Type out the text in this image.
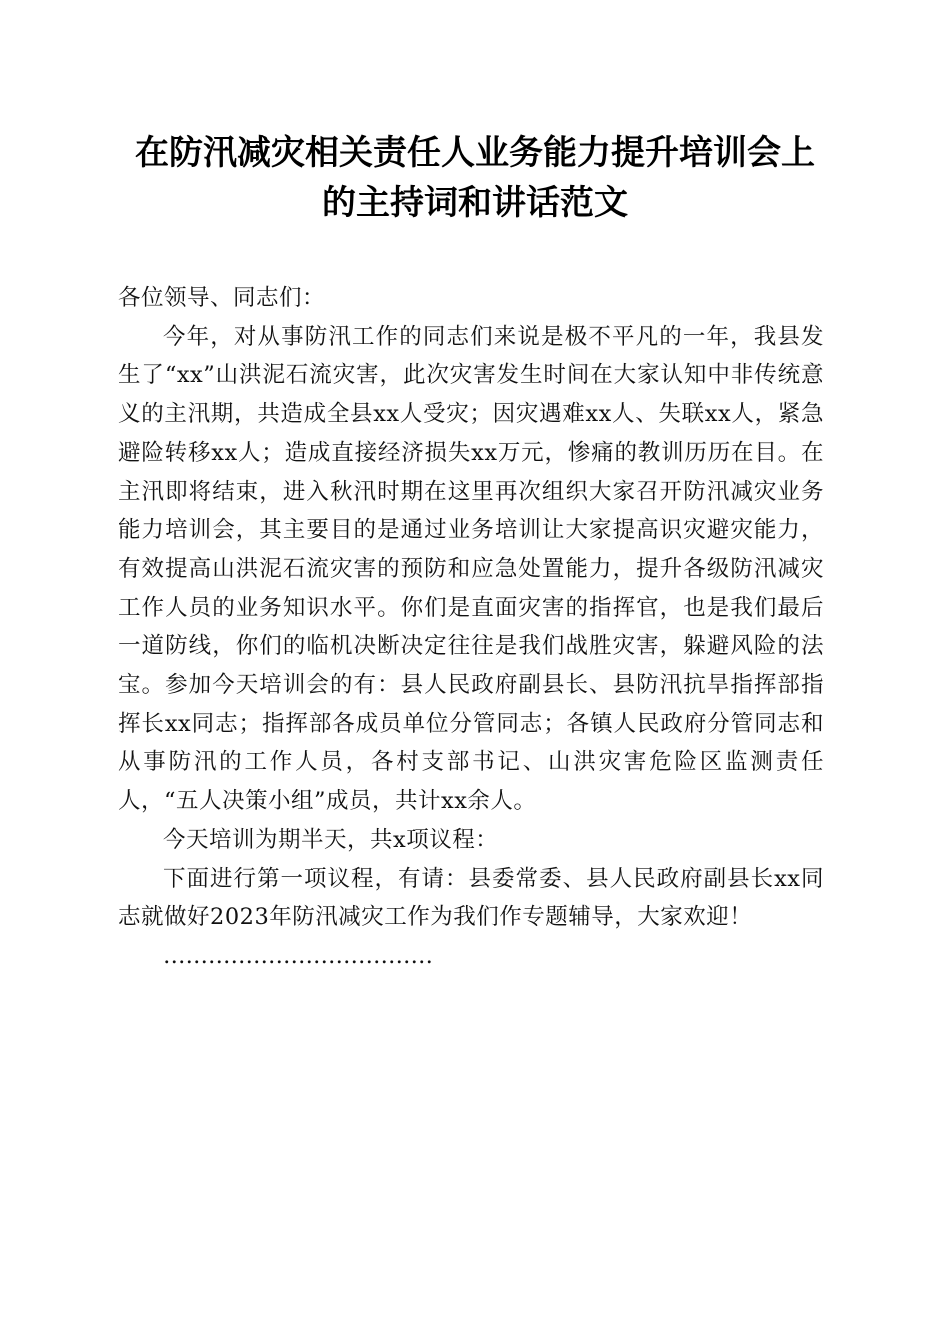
在防汛减灾相关责任人业务能力提升培训会上
的主持词和讲话范文

各位领导、同志们：

今年，对从事防汛工作的同志们来说是极不平凡的一年，我县发生了“xx”山洪泥石流灾害，此次灾害发生时间在大家认知中非传统意义的主汛期，共造成全县xx人受灾；因灾遇难xx人、失联xx人，紧急避险转移xx人；造成直接经济损失xx万元，惨痛的教训历历在目。在主汛即将结束，进入秋汛时期在这里再次组织大家召开防汛减灾业务能力培训会，其主要目的是通过业务培训让大家提高识灾避灾能力，有效提高山洪泥石流灾害的预防和应急处置能力，提升各级防汛减灾工作人员的业务知识水平。你们是直面灾害的指挥官，也是我们最后一道防线，你们的临机决断决定往往是我们战胜灾害，躲避风险的法宝。参加今天培训会的有：县人民政府副县长、县防汛抗旱指挥部指挥长xx同志；指挥部各成员单位分管同志；各镇人民政府分管同志和从事防汛的工作人员，各村支部书记、山洪灾害危险区监测责任人，“五人决策小组”成员，共计xx余人。

今天培训为期半天，共x项议程：

下面进行第一项议程，有请：县委常委、县人民政府副县长xx同志就做好2023年防汛减灾工作为我们作专题辅导，大家欢迎！

………………………………
